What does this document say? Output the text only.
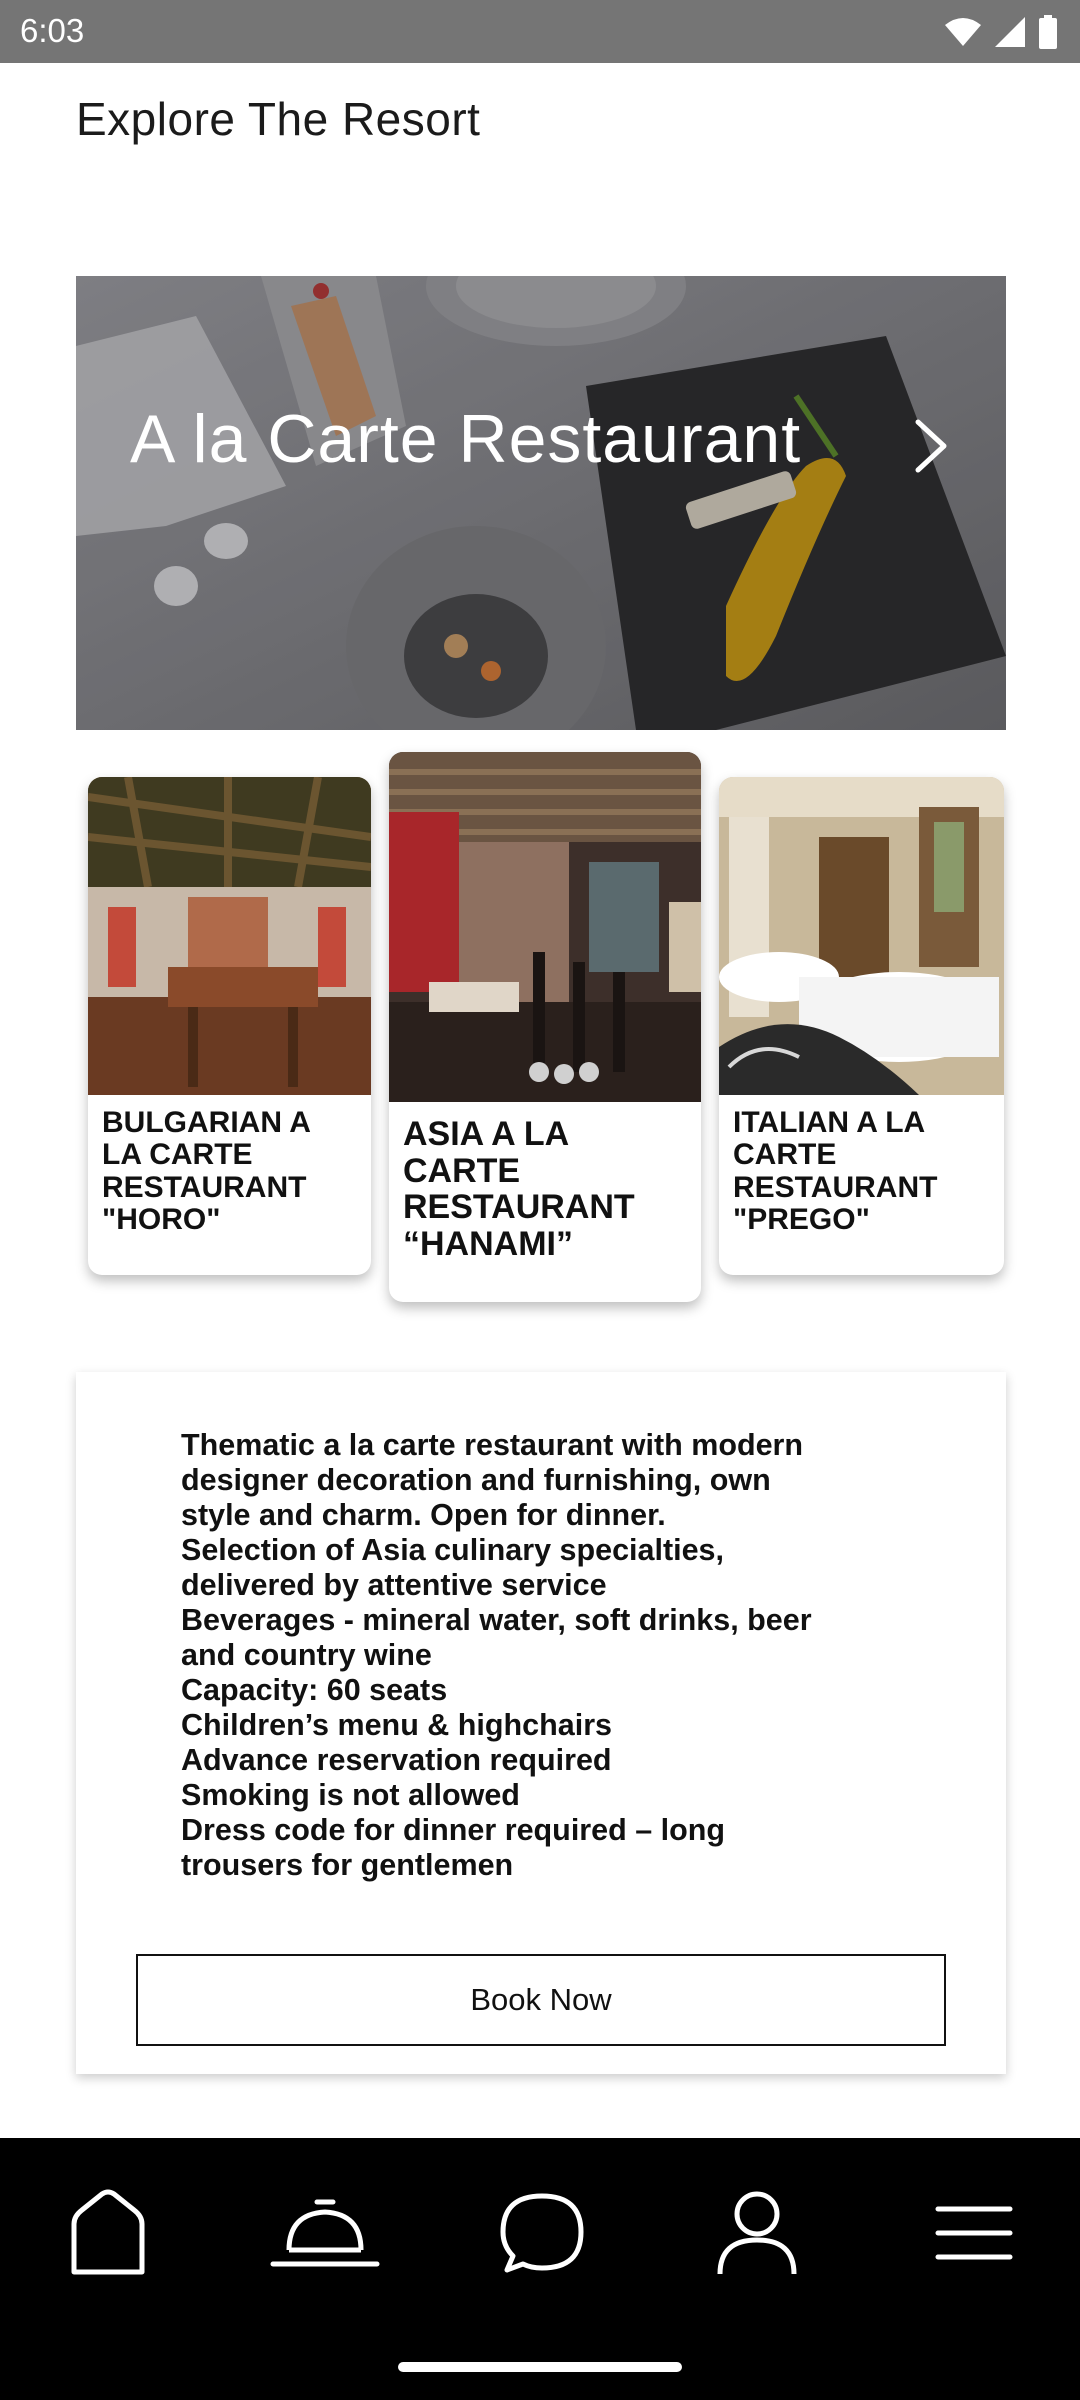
6:03
Explore The Resort
A la Carte Restaurant
BULGARIAN A
LA CARTE
RESTAURANT
"HORO"
ASIA A LA
CARTE
RESTAURANT
“HANAMI”
ITALIAN A LA
CARTE
RESTAURANT
"PREGO"
Thematic a la carte restaurant with modern
designer decoration and furnishing, own
style and charm. Open for dinner.
Selection of Asia culinary specialties,
delivered by attentive service
Beverages - mineral water, soft drinks, beer
and country wine
Capacity: 60 seats
Children’s menu & highchairs
Advance reservation required
Smoking is not allowed
Dress code for dinner required – long
trousers for gentlemen
Book Now
